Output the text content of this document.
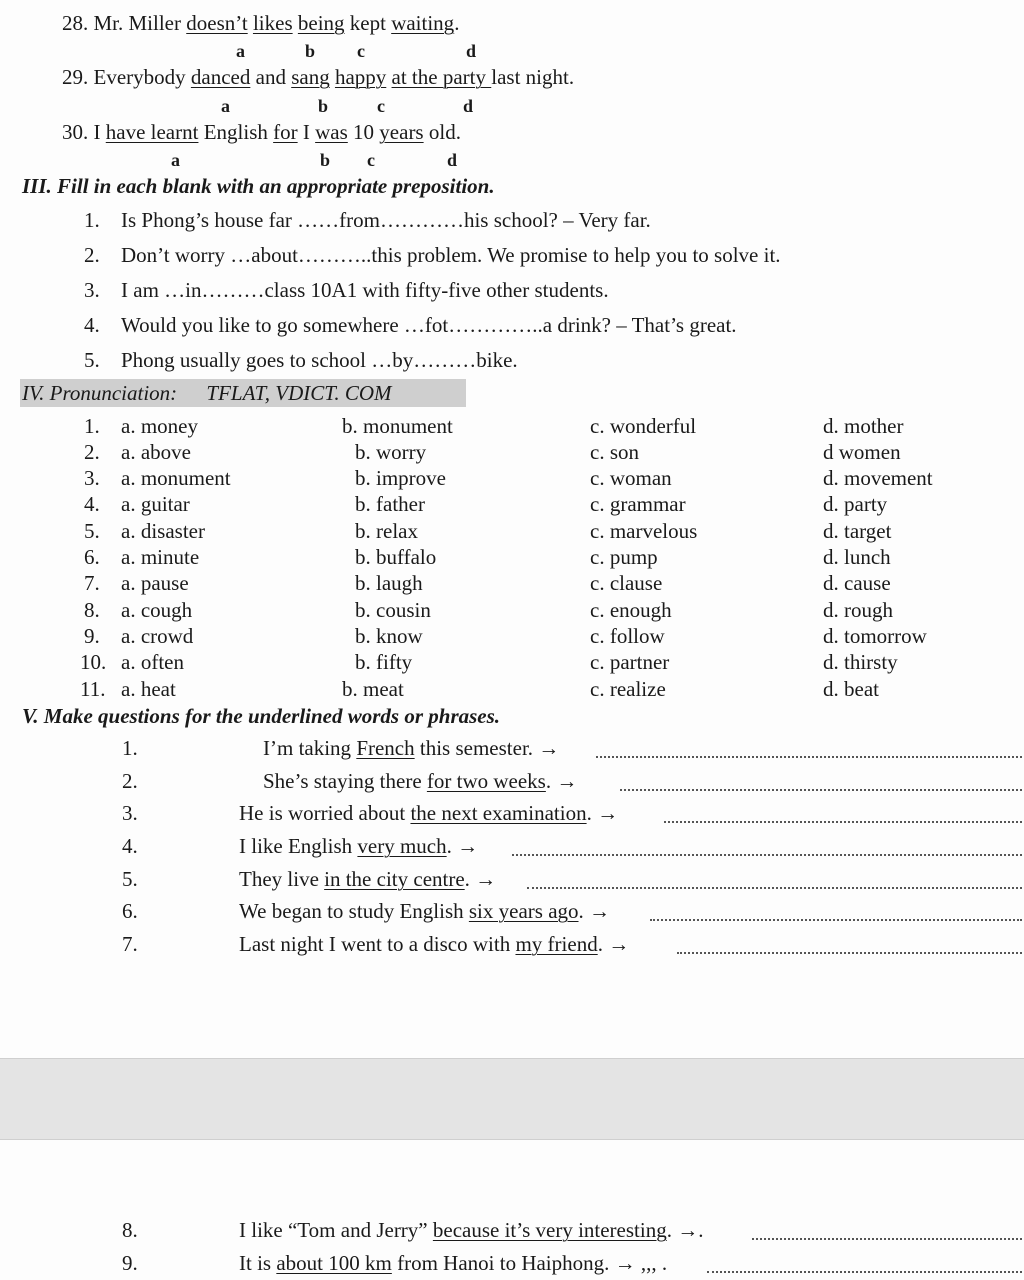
28. Mr. Miller doesn’t likes being kept waiting.
a	b c	d
29. Everybody danced and sang happy at the party last night.
a	b	c	d
30. I have learnt English for I was 10 years old.
a	b c	d
III. Fill in each blank with an appropriate preposition.
1. Is Phong’s house far ……from…………his school? – Very far.
2. Don’t worry …about………..this problem. We promise to help you to solve it.
3. I am …in………class 10A1 with fifty-five other students.
4. Would you like to go somewhere …fot…………..a drink? – That’s great.
5. Phong usually goes to school …by………bike.
IV. Pronunciation: TFLAT, VDICT. COM
1. a. money	b. monument	c. wonderful	d. mother
2. a. above	b. worry	c. son	d women
3. a. monument	b. improve	c. woman	d. movement
4. a. guitar	b. father	c. grammar	d. party
5. a. disaster	b. relax	c. marvelous	d. target
6. a. minute	b. buffalo	c. pump	d. lunch
7. a. pause	b. laugh	c. clause	d. cause
8. a. cough	b. cousin	c. enough	d. rough
9. a. crowd	b. know	c. follow	d. tomorrow
10. a. often	b. fifty	c. partner	d. thirsty
11. a. heat	b. meat	c. realize	d. beat
V. Make questions for the underlined words or phrases.
1.	I’m taking French this semester. →
2.	She’s staying there for two weeks. →
3.	He is worried about the next examination. →
4.	I like English very much. →
5.	They live in the city centre. →
6.	We began to study English six years ago. →
7.	Last night I went to a disco with my friend. →
8.	I like “Tom and Jerry” because it’s very interesting. →.
9.	It is about 100 km from Hanoi to Haiphong. → ,,, .
